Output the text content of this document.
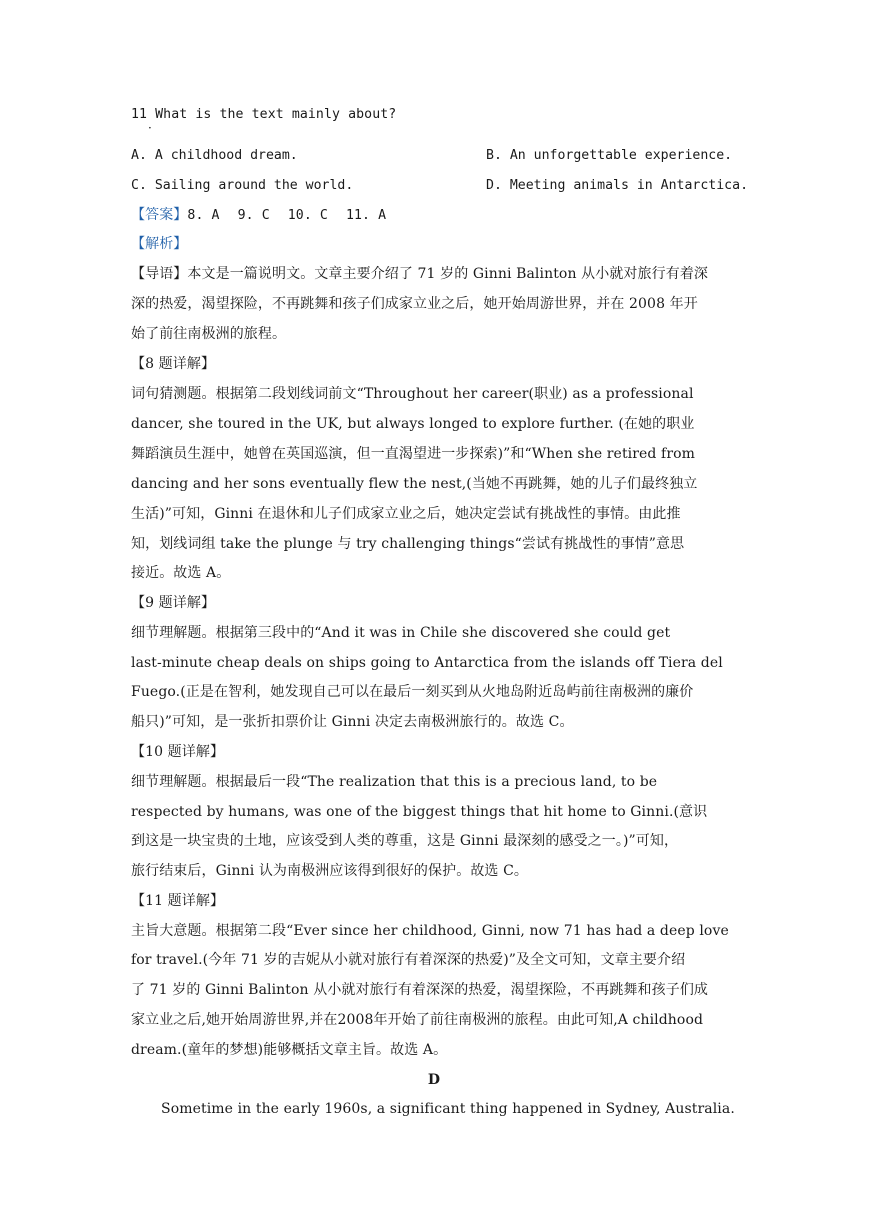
11 What is the text mainly about?
·
A. A childhood dream.	B. An unforgettable experience.
C. Sailing around the world.	D. Meeting animals in Antarctica.
【答案】8. A 9. C 10. C 11. A
【解析】
【导语】本文是一篇说明文。文章主要介绍了 71 岁的 Ginni Balinton 从小就对旅行有着深
深的热爱，渴望探险，不再跳舞和孩子们成家立业之后，她开始周游世界，并在 2008 年开
始了前往南极洲的旅程。
【8 题详解】
词句猜测题。根据第二段划线词前文“Throughout her career(职业) as a professional
dancer, she toured in the UK, but always longed to explore further. (在她的职业
舞蹈演员生涯中，她曾在英国巡演，但一直渴望进一步探索)”和“When she retired from
dancing and her sons eventually flew the nest,(当她不再跳舞，她的儿子们最终独立
生活)”可知，Ginni 在退休和儿子们成家立业之后，她决定尝试有挑战性的事情。由此推
知，划线词组 take the plunge 与 try challenging things“尝试有挑战性的事情”意思
接近。故选 A。
【9 题详解】
细节理解题。根据第三段中的“And it was in Chile she discovered she could get
last-minute cheap deals on ships going to Antarctica from the islands off Tiera del
Fuego.(正是在智利，她发现自己可以在最后一刻买到从火地岛附近岛屿前往南极洲的廉价
船只)”可知，是一张折扣票价让 Ginni 决定去南极洲旅行的。故选 C。
【10 题详解】
细节理解题。根据最后一段“The realization that this is a precious land, to be
respected by humans, was one of the biggest things that hit home to Ginni.(意识
到这是一块宝贵的土地，应该受到人类的尊重，这是 Ginni 最深刻的感受之一。)”可知，
旅行结束后，Ginni 认为南极洲应该得到很好的保护。故选 C。
【11 题详解】
主旨大意题。根据第二段“Ever since her childhood, Ginni, now 71 has had a deep love
for travel.(今年 71 岁的吉妮从小就对旅行有着深深的热爱)”及全文可知，文章主要介绍
了 71 岁的 Ginni Balinton 从小就对旅行有着深深的热爱，渴望探险，不再跳舞和孩子们成
家立业之后,她开始周游世界,并在2008年开始了前往南极洲的旅程。由此可知,A childhood
dream.(童年的梦想)能够概括文章主旨。故选 A。
D
Sometime in the early 1960s, a significant thing happened in Sydney, Australia.
